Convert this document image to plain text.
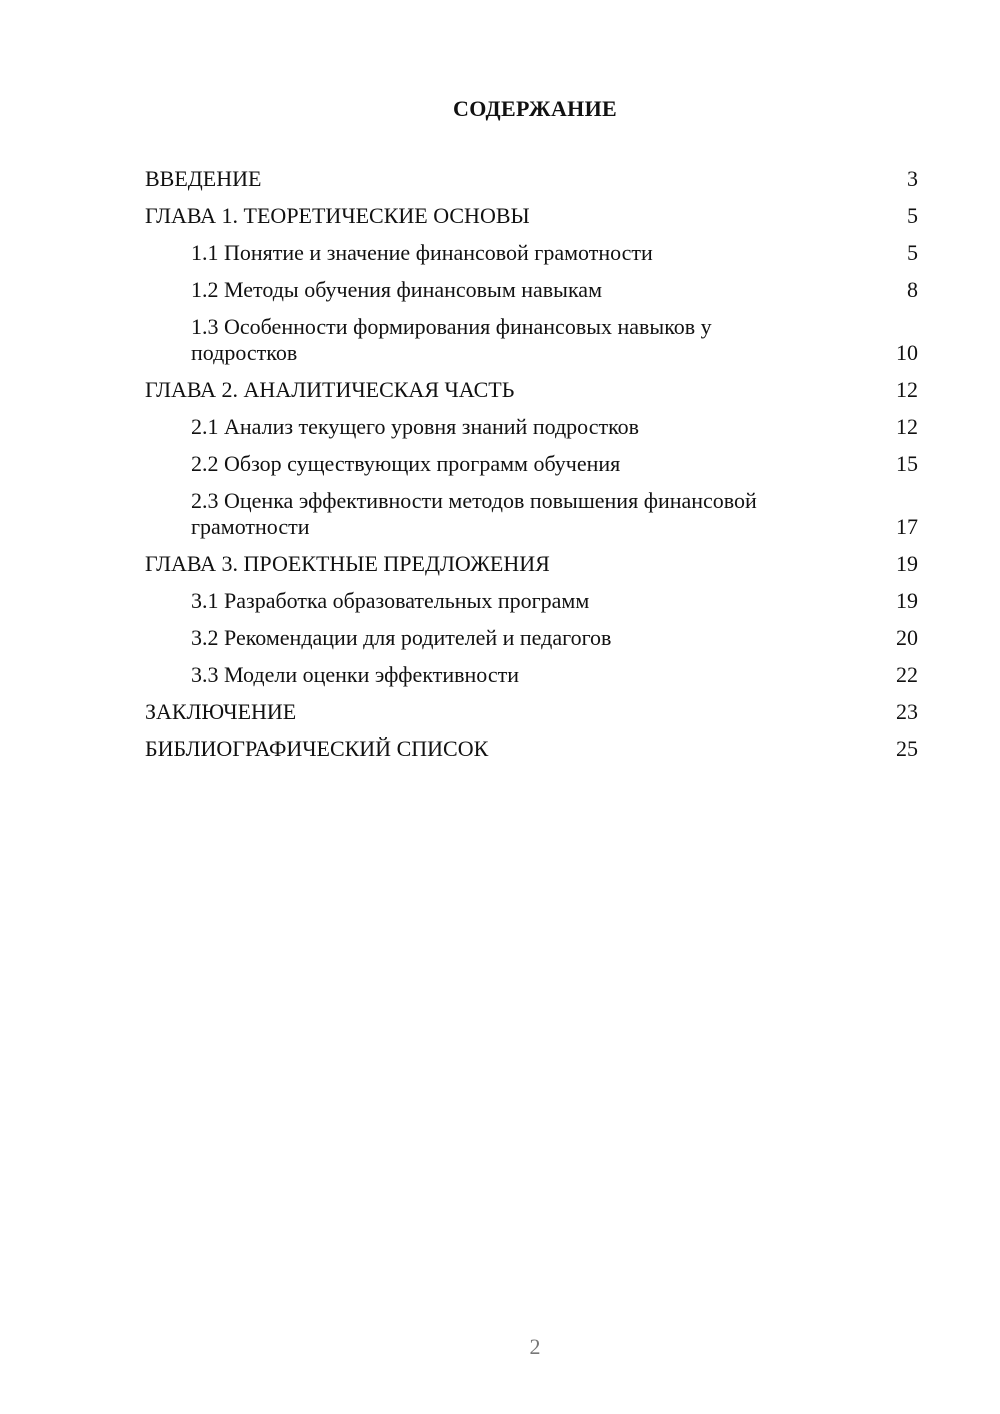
СОДЕРЖАНИЕ
ВВЕДЕНИЕ	3
ГЛАВА 1. ТЕОРЕТИЧЕСКИЕ ОСНОВЫ	5
1.1 Понятие и значение финансовой грамотности	5
1.2 Методы обучения финансовым навыкам	8
1.3 Особенности формирования финансовых навыков у подростков	10
ГЛАВА 2. АНАЛИТИЧЕСКАЯ ЧАСТЬ	12
2.1 Анализ текущего уровня знаний подростков	12
2.2 Обзор существующих программ обучения	15
2.3 Оценка эффективности методов повышения финансовой грамотности	17
ГЛАВА 3. ПРОЕКТНЫЕ ПРЕДЛОЖЕНИЯ	19
3.1 Разработка образовательных программ	19
3.2 Рекомендации для родителей и педагогов	20
3.3 Модели оценки эффективности	22
ЗАКЛЮЧЕНИЕ	23
БИБЛИОГРАФИЧЕСКИЙ СПИСОК	25
2
